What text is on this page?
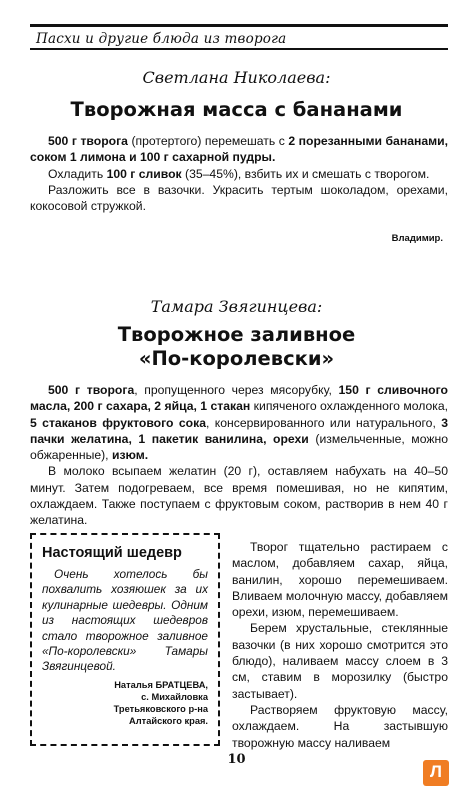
Пасхи и другие блюда из творога
Светлана Николаева:
Творожная масса с бананами

500 г творога (протертого) перемешать с 2 порезанными бананами, соком 1 лимона и 100 г сахарной пудры.

Охладить 100 г сливок (35–45%), взбить их и смешать с творогом.

Разложить все в вазочки. Украсить тертым шоколадом, орехами, кокосовой стружкой.

Владимир.
Тамара Звягинцева:
Творожное заливное
«По-королевски»

500 г творога, пропущенного через мясорубку, 150 г сливочного масла, 200 г сахара, 2 яйца, 1 стакан кипяченого охлажденного молока, 5 стаканов фруктового сока, консервированного или натурального, 3 пачки желатина, 1 пакетик ванилина, орехи (измельченные, можно обжаренные), изюм.

В молоко всыпаем желатин (20 г), оставляем набухать на 40–50 минут. Затем подогреваем, все время помешивая, но не кипятим, охлаждаем. Также поступаем с фруктовым соком, растворив в нем 40 г желатина.

Творог тщательно растираем с маслом, добавляем сахар, яйца, ванилин, хорошо перемешиваем. Вливаем молочную массу, добавляем орехи, изюм, перемешиваем.

Берем хрустальные, стеклянные вазочки (в них хорошо смотрится это блюдо), наливаем массу слоем в 3 см, ставим в морозилку (быстро застывает).

Растворяем фруктовую массу, охлаждаем. На застывшую творожную массу наливаем

Настоящий шедевр

Очень хотелось бы похвалить хозяюшек за их кулинарные шедевры. Одним из настоящих шедевров стало творожное заливное «По-королевски» Тамары Звягинцевой.

Наталья БРАТЦЕВА,
с. Михайловка
Третьяковского р-на
Алтайского края.
10
Л
